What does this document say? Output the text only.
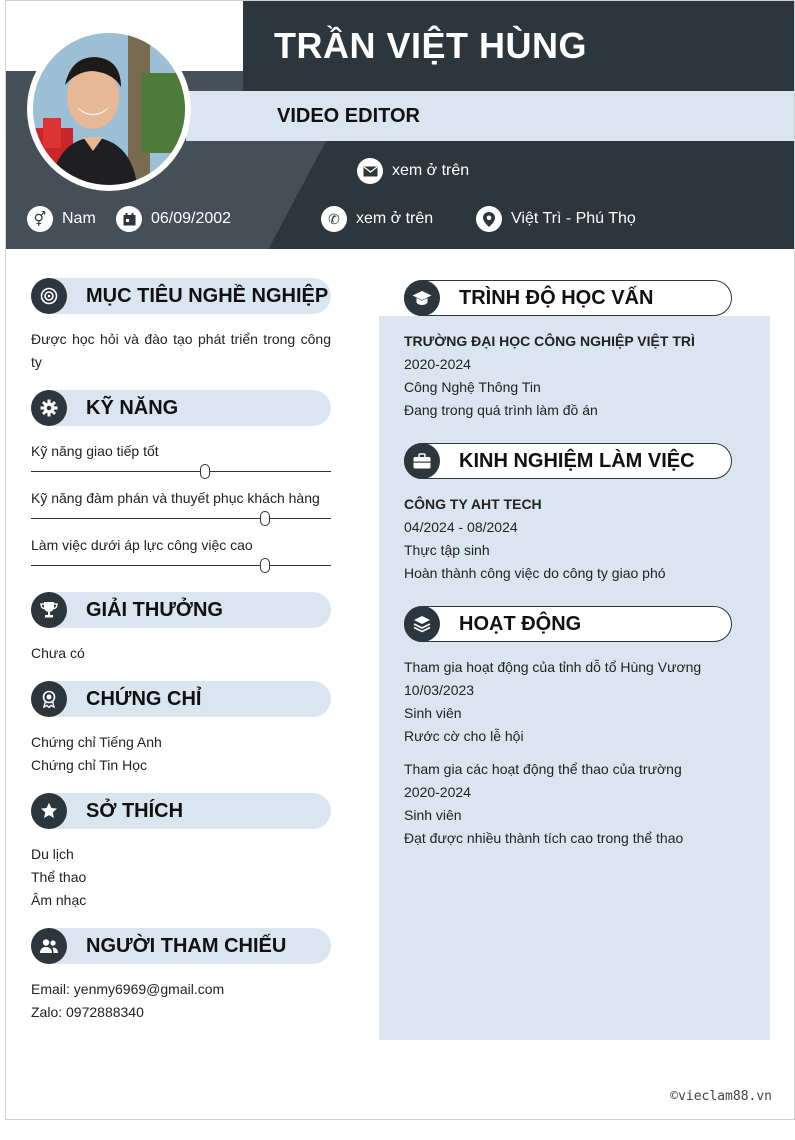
TRẦN VIỆT HÙNG
VIDEO EDITOR
xem ở trên
⚥ Nam	06/09/2002	✆	xem ở trên	Việt Trì - Phú Thọ
MỤC TIÊU NGHỀ NGHIỆP
Được học hỏi và đào tạo phát triển trong công ty
KỸ NĂNG
Kỹ năng giao tiếp tốt
Kỹ năng đàm phán và thuyết phục khách hàng
Làm việc dưới áp lực công việc cao
GIẢI THƯỞNG
Chưa có
CHỨNG CHỈ
Chứng chỉ Tiếng Anh
Chứng chỉ Tin Học
SỞ THÍCH
Du lịch
Thể thao
Âm nhạc
NGƯỜI THAM CHIẾU
Email: yenmy6969@gmail.com
Zalo: 0972888340
TRÌNH ĐỘ HỌC VẤN
TRƯỜNG ĐẠI HỌC CÔNG NGHIỆP VIỆT TRÌ
2020-2024
Công Nghệ Thông Tin
Đang trong quá trình làm đồ án
KINH NGHIỆM LÀM VIỆC
CÔNG TY AHT TECH
04/2024 - 08/2024
Thực tập sinh
Hoàn thành công việc do công ty giao phó
HOẠT ĐỘNG
Tham gia hoạt động của tỉnh dỗ tổ Hùng Vương
10/03/2023
Sinh viên
Rước cờ cho lễ hội
Tham gia các hoạt động thể thao của trường
2020-2024
Sinh viên
Đạt được nhiều thành tích cao trong thể thao
©vieclam88.vn
